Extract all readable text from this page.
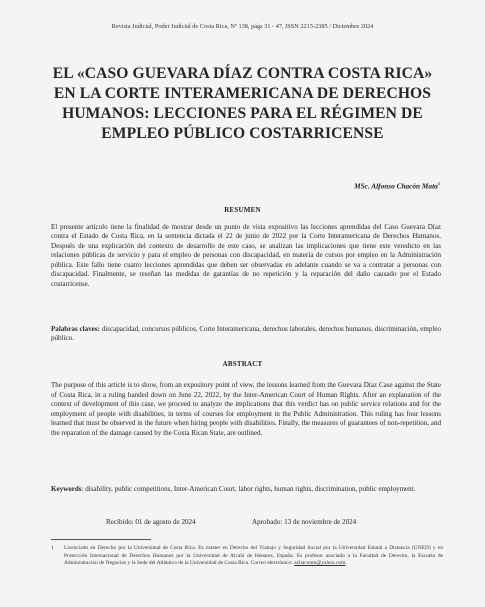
Revista Judicial, Poder Judicial de Costa Rica, Nº 138, págs 31 - 47, ISSN 2215-2385 / Diciembre 2024
EL «CASO GUEVARA DÍAZ CONTRA COSTA RICA» EN LA CORTE INTERAMERICANA DE DERECHOS HUMANOS: LECCIONES PARA EL RÉGIMEN DE EMPLEO PÚBLICO COSTARRICENSE
MSc. Alfonso Chacón Mata$^1$
RESUMEN
El presente artículo tiene la finalidad de mostrar desde un punto de vista expositivo las lecciones aprendidas del Caso Guevara Díaz contra el Estado de Costa Rica, en la sentencia dictada el 22 de junio de 2022 por la Corte Interamericana de Derechos Humanos. Después de una explicación del contexto de desarrollo de este caso, se analizan las implicaciones que tiene este veredicto en las relaciones públicas de servicio y para el empleo de personas con discapacidad, en materia de cursos por empleo en la Administración pública. Este fallo tiene cuatro lecciones aprendidas que deben ser observadas en adelante cuando se va a contratar a personas con discapacidad. Finalmente, se reseñan las medidas de garantías de no repetición y la reparación del daño causado por el Estado costarricense.
Palabras claves: discapacidad, concursos públicos, Corte Interamericana, derechos laborales, derechos humanos, discriminación, empleo público.
ABSTRACT
The purpose of this article is to show, from an expository point of view, the lessons learned from the Guevara Díaz Case against the State of Costa Rica, in a ruling handed down on June 22, 2022, by the Inter-American Court of Human Rights. After an explanation of the context of development of this case, we proceed to analyze the implications that this verdict has on public service relations and for the employment of people with disabilities, in terms of courses for employment in the Public Administration. This ruling has four lessons learned that must be observed in the future when hiring people with disabilities. Finally, the measures of guarantees of non-repetition, and the reparation of the damage caused by the Costa Rican State, are outlined.
Keywords: disability, public competitions, Inter-American Court, labor rights, human rights, discrimination, public employment.
Recibido: 01 de agosto de 2024	Aprobado: 13 de noviembre de 2024
1 Licenciado en Derecho por la Universidad de Costa Rica. Es máster en Derecho del Trabajo y Seguridad Social por la Universidad Estatal a Distancia (UNED) y en Protección Internacional de Derechos Humanos por la Universidad de Alcalá de Henares, España. Es profesor asociado a la Facultad de Derecho, la Escuela de Administración de Negocios y la Sede del Atlántico de la Universidad de Costa Rica. Correo electrónico: achaconm@yahoo.com.
